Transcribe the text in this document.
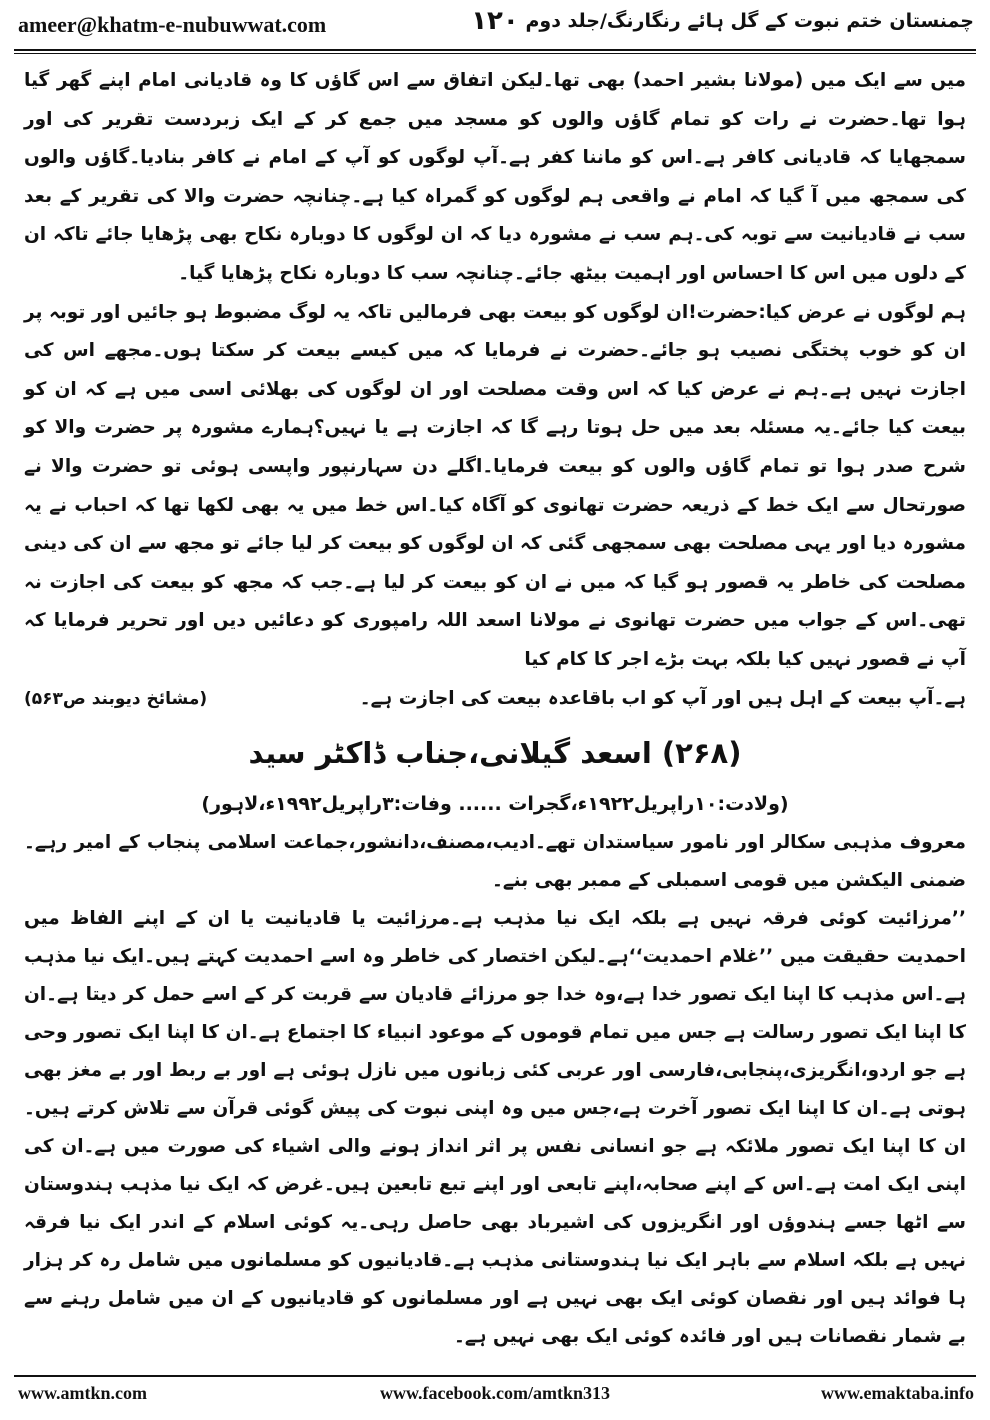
ameer@khatm-e-nubuwwat.com	۱۲۰ چمنستان ختم نبوت کے گل ہائے رنگارنگ/جلد دوم

میں سے ایک میں (مولانا بشیر احمد) بھی تھا۔لیکن اتفاق سے اس گاؤں کا وہ قادیانی امام اپنے گھر گیا ہوا تھا۔حضرت نے رات کو تمام گاؤں والوں کو مسجد میں جمع کر کے ایک زبردست تقریر کی اور سمجھایا کہ قادیانی کافر ہے۔اس کو ماننا کفر ہے۔آپ لوگوں کو آپ کے امام نے کافر بنادیا۔گاؤں والوں کی سمجھ میں آ گیا کہ امام نے واقعی ہم لوگوں کو گمراہ کیا ہے۔چنانچہ حضرت والا کی تقریر کے بعد سب نے قادیانیت سے توبہ کی۔ہم سب نے مشورہ دیا کہ ان لوگوں کا دوبارہ نکاح بھی پڑھایا جائے تاکہ ان کے دلوں میں اس کا احساس اور اہمیت بیٹھ جائے۔چنانچہ سب کا دوبارہ نکاح پڑھایا گیا۔

ہم لوگوں نے عرض کیا:حضرت!ان لوگوں کو بیعت بھی فرمالیں تاکہ یہ لوگ مضبوط ہو جائیں اور توبہ پر ان کو خوب پختگی نصیب ہو جائے۔حضرت نے فرمایا کہ میں کیسے بیعت کر سکتا ہوں۔مجھے اس کی اجازت نہیں ہے۔ہم نے عرض کیا کہ اس وقت مصلحت اور ان لوگوں کی بھلائی اسی میں ہے کہ ان کو بیعت کیا جائے۔یہ مسئلہ بعد میں حل ہوتا رہے گا کہ اجازت ہے یا نہیں؟ہمارے مشورہ پر حضرت والا کو شرح صدر ہوا تو تمام گاؤں والوں کو بیعت فرمایا۔اگلے دن سہارنپور واپسی ہوئی تو حضرت والا نے صورتحال سے ایک خط کے ذریعہ حضرت تھانوی کو آگاہ کیا۔اس خط میں یہ بھی لکھا تھا کہ احباب نے یہ مشورہ دیا اور یہی مصلحت بھی سمجھی گئی کہ ان لوگوں کو بیعت کر لیا جائے تو مجھ سے ان کی دینی مصلحت کی خاطر یہ قصور ہو گیا کہ میں نے ان کو بیعت کر لیا ہے۔جب کہ مجھ کو بیعت کی اجازت نہ تھی۔اس کے جواب میں حضرت تھانوی نے مولانا اسعد اللہ رامپوری کو دعائیں دیں اور تحریر فرمایا کہ آپ نے قصور نہیں کیا بلکہ بہت بڑے اجر کا کام کیا

ہے۔آپ بیعت کے اہل ہیں اور آپ کو اب باقاعدہ بیعت کی اجازت ہے۔
(مشائخ دیوبند ص۵۶۳)

(۲۶۸) اسعد گیلانی،جناب ڈاکٹر سید

(ولادت:۱۰راپریل۱۹۲۲ء،گجرات ...... وفات:۳راپریل۱۹۹۲ء،لاہور)

معروف مذہبی سکالر اور نامور سیاستدان تھے۔ادیب،مصنف،دانشور،جماعت اسلامی پنجاب کے امیر رہے۔ضمنی الیکشن میں قومی اسمبلی کے ممبر بھی بنے۔

’’مرزائیت کوئی فرقہ نہیں ہے بلکہ ایک نیا مذہب ہے۔مرزائیت یا قادیانیت یا ان کے اپنے الفاظ میں احمدیت حقیقت میں ’’غلام احمدیت‘‘ہے۔لیکن اختصار کی خاطر وہ اسے احمدیت کہتے ہیں۔ایک نیا مذہب ہے۔اس مذہب کا اپنا ایک تصور خدا ہے،وہ خدا جو مرزائے قادیان سے قربت کر کے اسے حمل کر دیتا ہے۔ان کا اپنا ایک تصور رسالت ہے جس میں تمام قوموں کے موعود انبیاء کا اجتماع ہے۔ان کا اپنا ایک تصور وحی ہے جو اردو،انگریزی،پنجابی،فارسی اور عربی کئی زبانوں میں نازل ہوئی ہے اور بے ربط اور بے مغز بھی ہوتی ہے۔ان کا اپنا ایک تصور آخرت ہے،جس میں وہ اپنی نبوت کی پیش گوئی قرآن سے تلاش کرتے ہیں۔ان کا اپنا ایک تصور ملائکہ ہے جو انسانی نفس پر اثر انداز ہونے والی اشیاء کی صورت میں ہے۔ان کی اپنی ایک امت ہے۔اس کے اپنے صحابہ،اپنے تابعی اور اپنے تبع تابعین ہیں۔غرض کہ ایک نیا مذہب ہندوستان سے اٹھا جسے ہندوؤں اور انگریزوں کی اشیرباد بھی حاصل رہی۔یہ کوئی اسلام کے اندر ایک نیا فرقہ نہیں ہے بلکہ اسلام سے باہر ایک نیا ہندوستانی مذہب ہے۔قادیانیوں کو مسلمانوں میں شامل رہ کر ہزار ہا فوائد ہیں اور نقصان کوئی ایک بھی نہیں ہے اور مسلمانوں کو قادیانیوں کے ان میں شامل رہنے سے بے شمار نقصانات ہیں اور فائدہ کوئی ایک بھی نہیں ہے۔

www.amtkn.com	www.facebook.com/amtkn313	www.emaktaba.info
